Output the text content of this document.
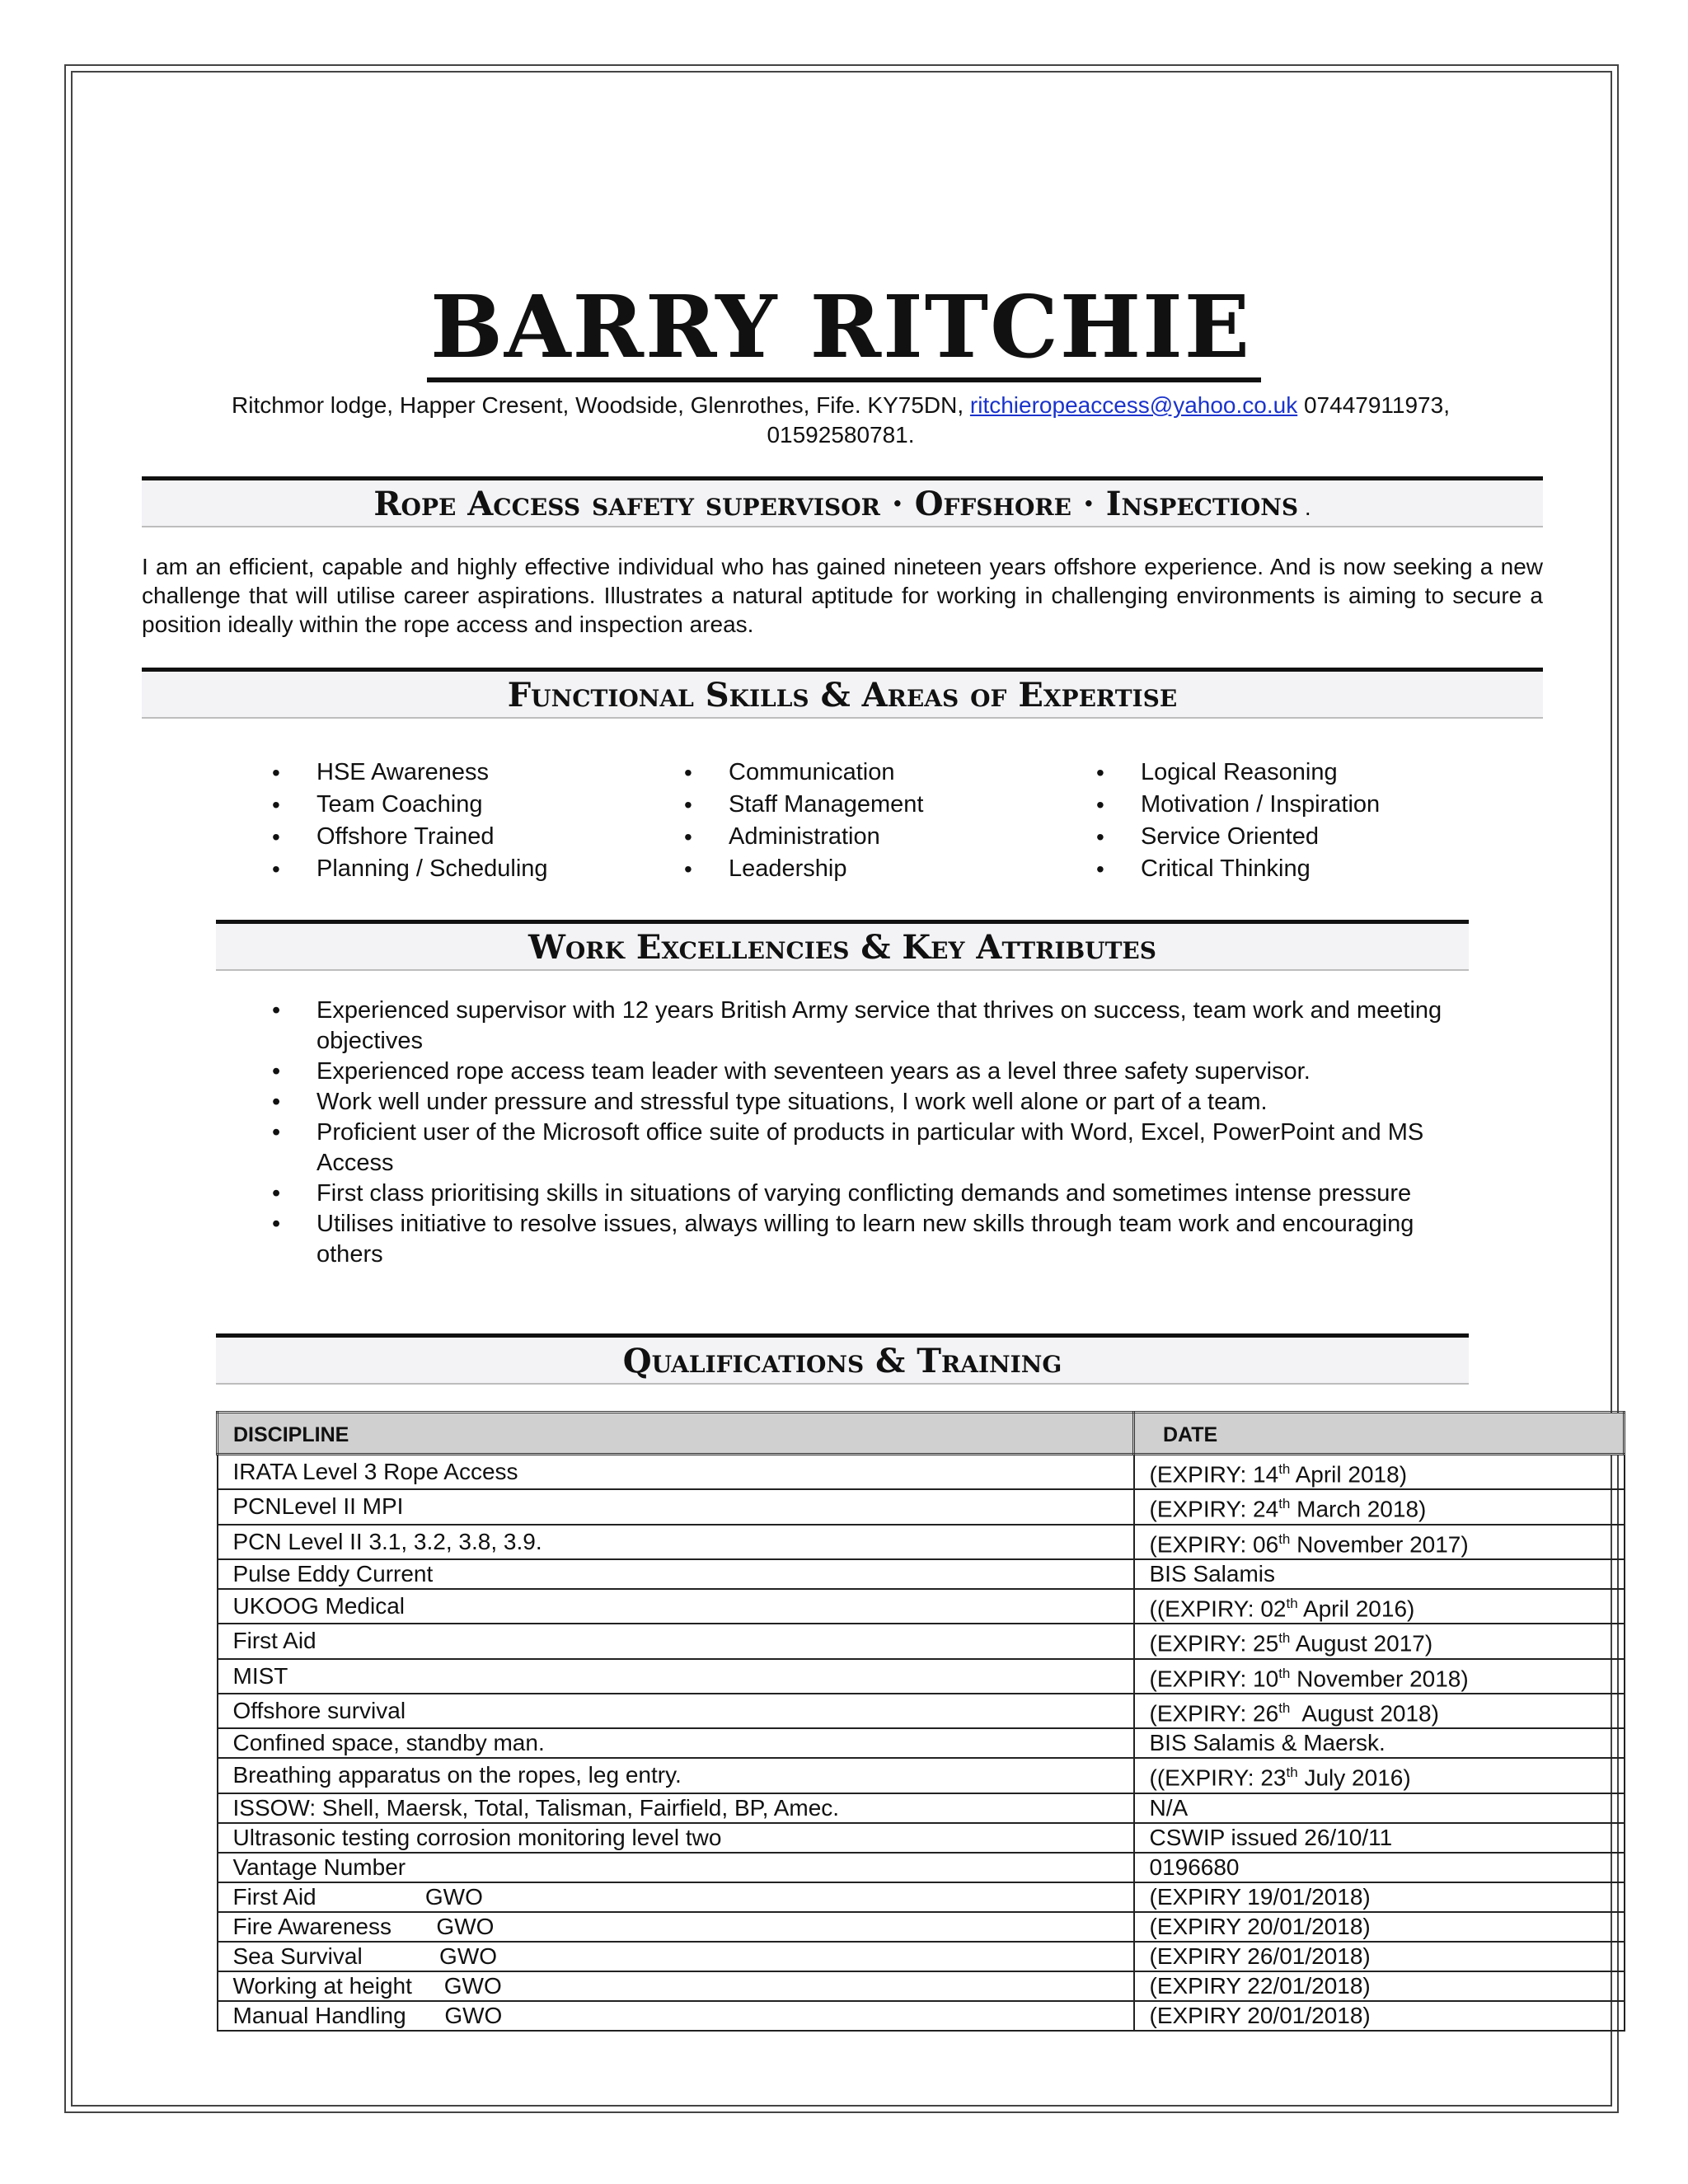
BARRY RITCHIE
Ritchmor lodge, Happer Cresent, Woodside, Glenrothes, Fife. KY75DN, ritchieropeaccess@yahoo.co.uk 07447911973,
01592580781.
Rope Access safety supervisor · Offshore · Inspections .
I am an efficient, capable and highly effective individual who has gained nineteen years offshore experience. And is now seeking a new challenge that will utilise career aspirations. Illustrates a natural aptitude for working in challenging environments is aiming to secure a position ideally within the rope access and inspection areas.
Functional Skills & Areas of Expertise
• HSE Awareness
• Team Coaching
• Offshore Trained
• Planning / Scheduling
• Communication
• Staff Management
• Administration
• Leadership
• Logical Reasoning
• Motivation / Inspiration
• Service Oriented
• Critical Thinking
Work Excellencies & Key Attributes
• Experienced supervisor with 12 years British Army service that thrives on success, team work and meeting objectives
• Experienced rope access team leader with seventeen years as a level three safety supervisor.
• Work well under pressure and stressful type situations, I work well alone or part of a team.
• Proficient user of the Microsoft office suite of products in particular with Word, Excel, PowerPoint and MS Access
• First class prioritising skills in situations of varying conflicting demands and sometimes intense pressure
• Utilises initiative to resolve issues, always willing to learn new skills through team work and encouraging others
Qualifications & Training
DISCIPLINE	DATE
IRATA Level 3 Rope Access	(EXPIRY: 14th April 2018)
PCNLevel II MPI	(EXPIRY: 24th March 2018)
PCN Level II 3.1, 3.2, 3.8, 3.9.	(EXPIRY: 06th November 2017)
Pulse Eddy Current	BIS Salamis
UKOOG Medical	((EXPIRY: 02th April 2016)
First Aid	(EXPIRY: 25th August 2017)
MIST	(EXPIRY: 10th November 2018)
Offshore survival	(EXPIRY: 26th  August 2018)
Confined space, standby man.	BIS Salamis & Maersk.
Breathing apparatus on the ropes, leg entry.	((EXPIRY: 23th July 2016)
ISSOW: Shell, Maersk, Total, Talisman, Fairfield, BP, Amec.	N/A
Ultrasonic testing corrosion monitoring level two	CSWIP issued 26/10/11
Vantage Number	0196680
First Aid                 GWO	(EXPIRY 19/01/2018)
Fire Awareness       GWO	(EXPIRY 20/01/2018)
Sea Survival            GWO	(EXPIRY 26/01/2018)
Working at height     GWO	(EXPIRY 22/01/2018)
Manual Handling      GWO	(EXPIRY 20/01/2018)
